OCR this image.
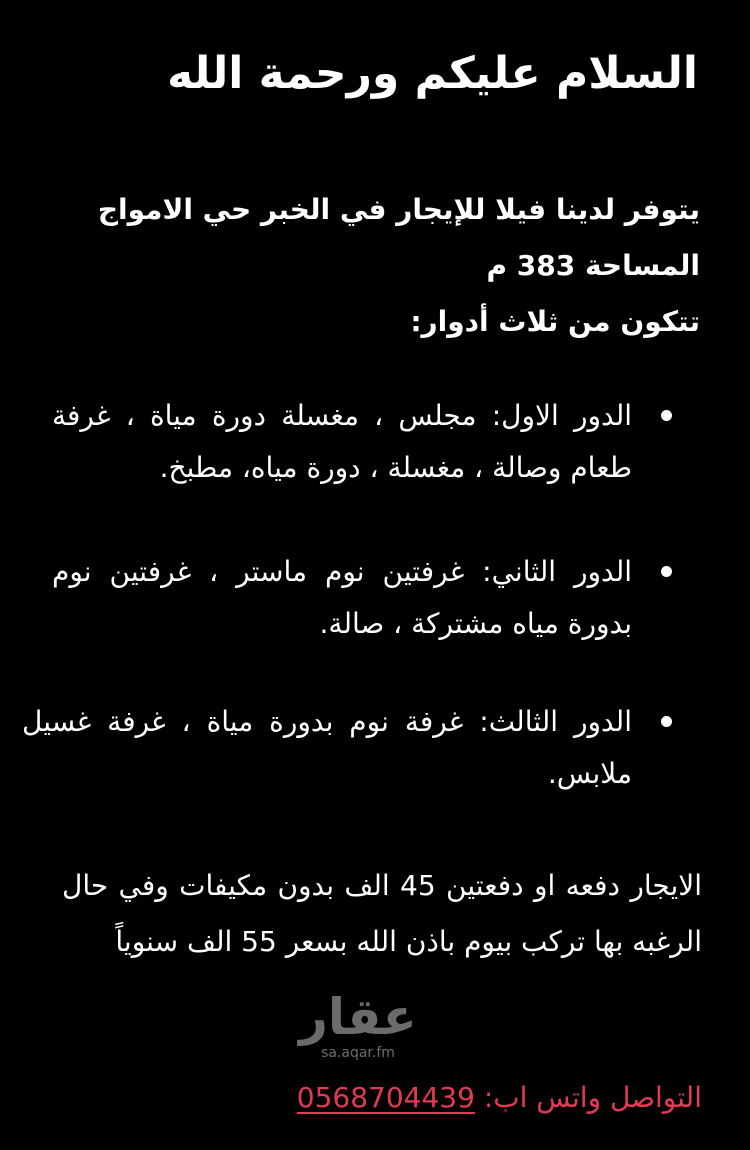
السلام عليكم ورحمة الله
يتوفر لدينا فيلا للإيجار في الخبر حي الامواج
المساحة 383 م
تتكون من ثلاث أدوار:
الدور الاول: مجلس ، مغسلة دورة مياة ، غرفة طعام وصالة ، مغسلة ، دورة مياه، مطبخ.
الدور الثاني: غرفتين نوم ماستر ، غرفتين نوم بدورة مياه مشتركة ، صالة.
الدور الثالث: غرفة نوم بدورة مياة ، غرفة غسيل ملابس.
الايجار دفعه او دفعتين 45 الف بدون مكيفات وفي حال الرغبه بها تركب بيوم باذن الله بسعر 55 الف سنوياً
التواصل واتس اب: 0568704439
عقار
sa.aqar.fm
